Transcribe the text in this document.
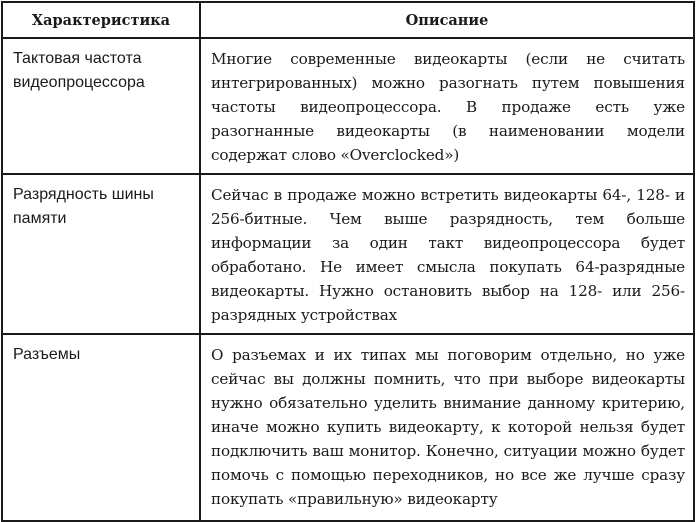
Характеристика	Описание
Тактовая частота видеопроцессора	Многие современные видеокарты (если не считать интегрированных) можно разогнать путем повышения частоты видеопроцессора. В продаже есть уже разогнанные видеокарты (в наименовании модели содержат слово «Overclocked»)
Разрядность шины памяти	Сейчас в продаже можно встретить видеокарты 64-, 128- и 256-битные. Чем выше разрядность, тем больше информации за один такт видеопроцессора будет обработано. Не имеет смысла покупать 64-разрядные видеокарты. Нужно остановить выбор на 128- или 256-разрядных устройствах
Разъемы	О разъемах и их типах мы поговорим отдельно, но уже сейчас вы должны помнить, что при выборе видеокарты нужно обязательно уделить внимание данному критерию, иначе можно купить видеокарту, к которой нельзя будет подключить ваш монитор. Конечно, ситуации можно будет помочь с помощью переходников, но все же лучше сразу покупать «правильную» видеокарту
